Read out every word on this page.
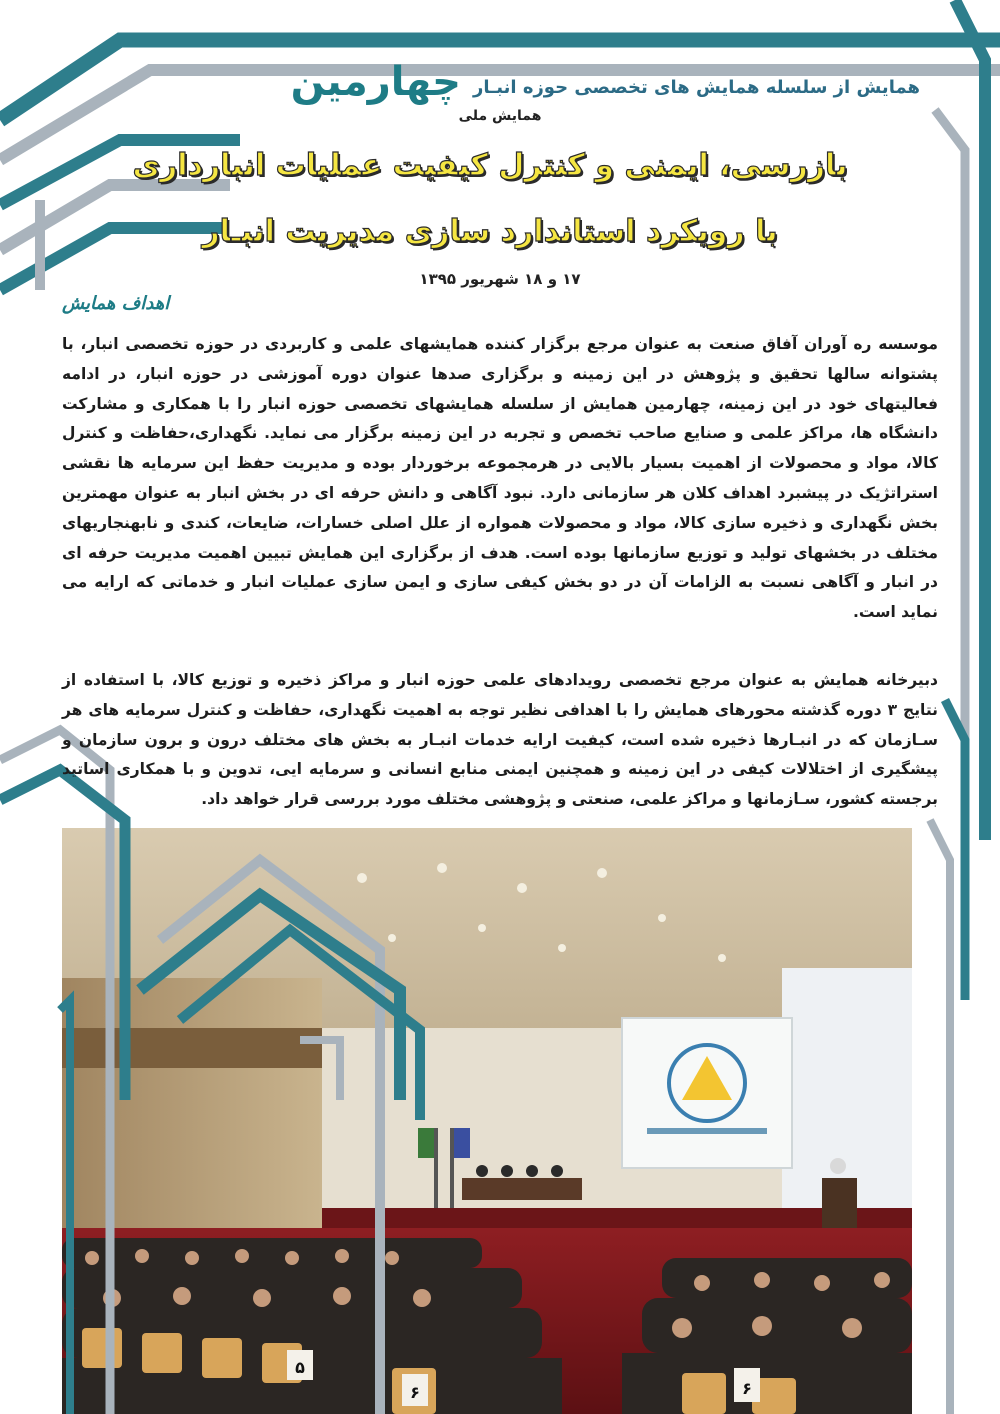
همایش از سلسله همایش های تخصصی حوزه انبـار
چهارمین
همایش ملی
بازرسی، ایمنی و کنترل کیفیت عملیات انبارداری
با رویکرد استاندارد سازی مدیریت انبـار
۱۷ و ۱۸ شهریور ۱۳۹۵
اهداف همایش

موسسه ره آوران آفاق صنعت به عنوان مرجع برگزار کننده همایشهای علمی و کاربردی در حوزه تخصصی انبار، با پشتوانه سالها تحقیق و پژوهش در این زمینه و برگزاری صدها عنوان دوره آموزشی در حوزه انبار، در ادامه فعالیتهای خود در این زمینه، چهارمین همایش از سلسله همایشهای تخصصی حوزه انبار را با همکاری و مشارکت دانشگاه ها، مراکز علمی و صنایع صاحب تخصص و تجربه در این زمینه برگزار می نماید. نگهداری،حفاظت و کنترل کالا، مواد و محصولات از اهمیت بسیار بالایی در هرمجموعه برخوردار بوده و مدیریت حفظ این سرمایه ها نقشی استراتژیک در پیشبرد اهداف کلان هر سازمانی دارد. نبود آگاهی و دانش حرفه ای در بخش انبار به عنوان مهمترین بخش نگهداری و ذخیره سازی کالا، مواد و محصولات همواره از علل اصلی خسارات، ضایعات، کندی و نابهنجاریهای مختلف در بخشهای تولید و توزیع سازمانها بوده است. هدف از برگزاری این همایش تبیین اهمیت مدیریت حرفه ای در انبار و آگاهی نسبت به الزامات آن در دو بخش کیفی سازی و ایمن سازی عملیات انبار و خدماتی که ارایه می نماید است.

دبیرخانه همایش به عنوان مرجع تخصصی رویدادهای علمی حوزه انبار و مراکز ذخیره و توزیع کالا، با استفاده از نتایج ۳ دوره گذشته محورهای همایش را با اهدافی نظیر توجه به اهمیت نگهداری، حفاظت و کنترل سرمایه های هر سـازمان که در انبـارها ذخیره شده است، کیفیت ارایه خدمات انبـار به بخش های مختلف درون و برون سازمان و پیشگیری از اختلالات کیفی در این زمینه و همچنین ایمنی منابع انسانی و سرمایه ایی، تدوین و با همکاری اساتید برجسته کشور، سـازمانها و مراکز علمی، صنعتی و پژوهشی مختلف مورد بررسی قرار خواهد داد.

۵
۶	۶
